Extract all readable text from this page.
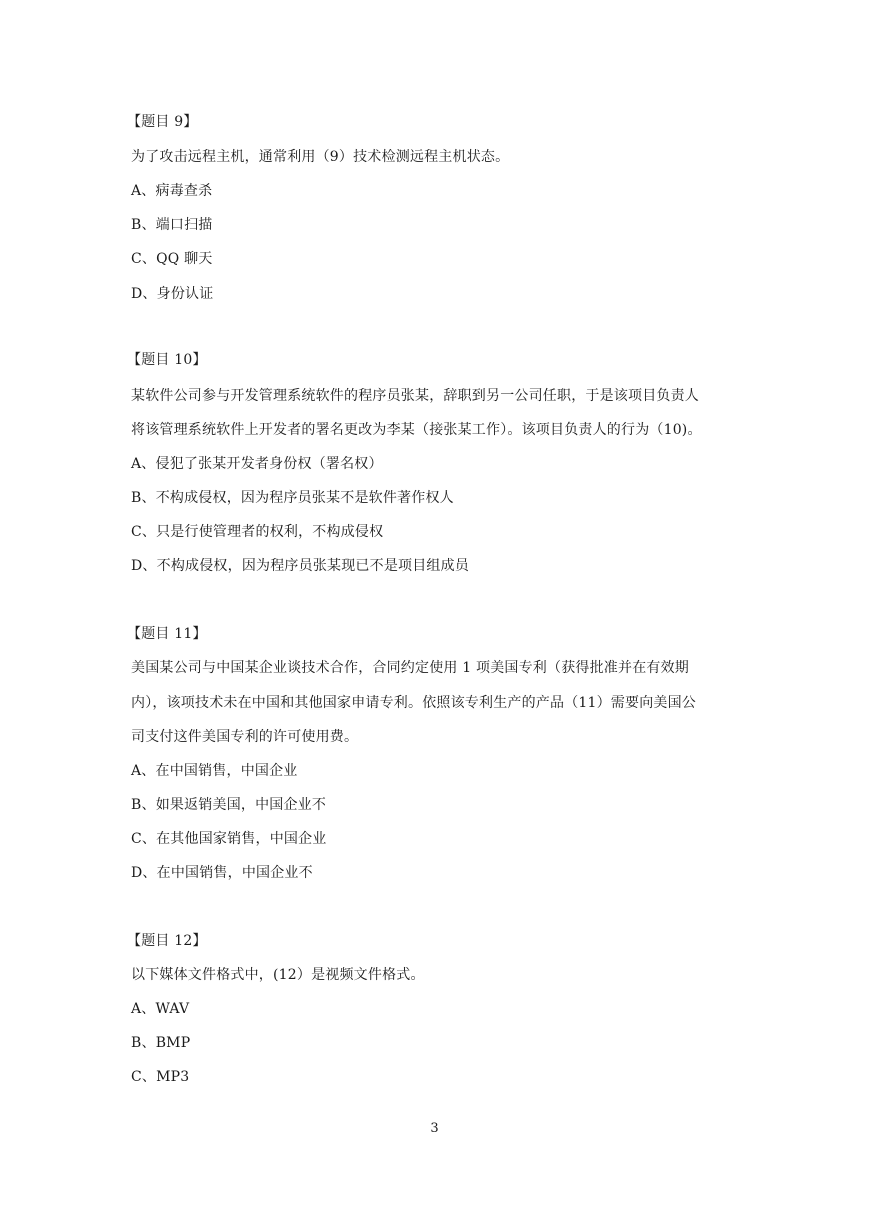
【题目 9】
为了攻击远程主机，通常利用（9）技术检测远程主机状态。
A、病毒查杀
B、端口扫描
C、QQ 聊天
D、身份认证
【题目 10】
某软件公司参与开发管理系统软件的程序员张某，辞职到另一公司任职，于是该项目负责人
将该管理系统软件上开发者的署名更改为李某（接张某工作）。该项目负责人的行为（10)。
A、侵犯了张某开发者身份权（署名权）
B、不构成侵权，因为程序员张某不是软件著作权人
C、只是行使管理者的权利，不构成侵权
D、不构成侵权，因为程序员张某现已不是项目组成员
【题目 11】
美国某公司与中国某企业谈技术合作，合同约定使用 1 项美国专利（获得批准并在有效期
内），该项技术未在中国和其他国家申请专利。依照该专利生产的产品（11）需要向美国公
司支付这件美国专利的许可使用费。
A、在中国销售，中国企业
B、如果返销美国，中国企业不
C、在其他国家销售，中国企业
D、在中国销售，中国企业不
【题目 12】
以下媒体文件格式中，(12）是视频文件格式。
A、WAV
B、BMP
C、MP3
3
